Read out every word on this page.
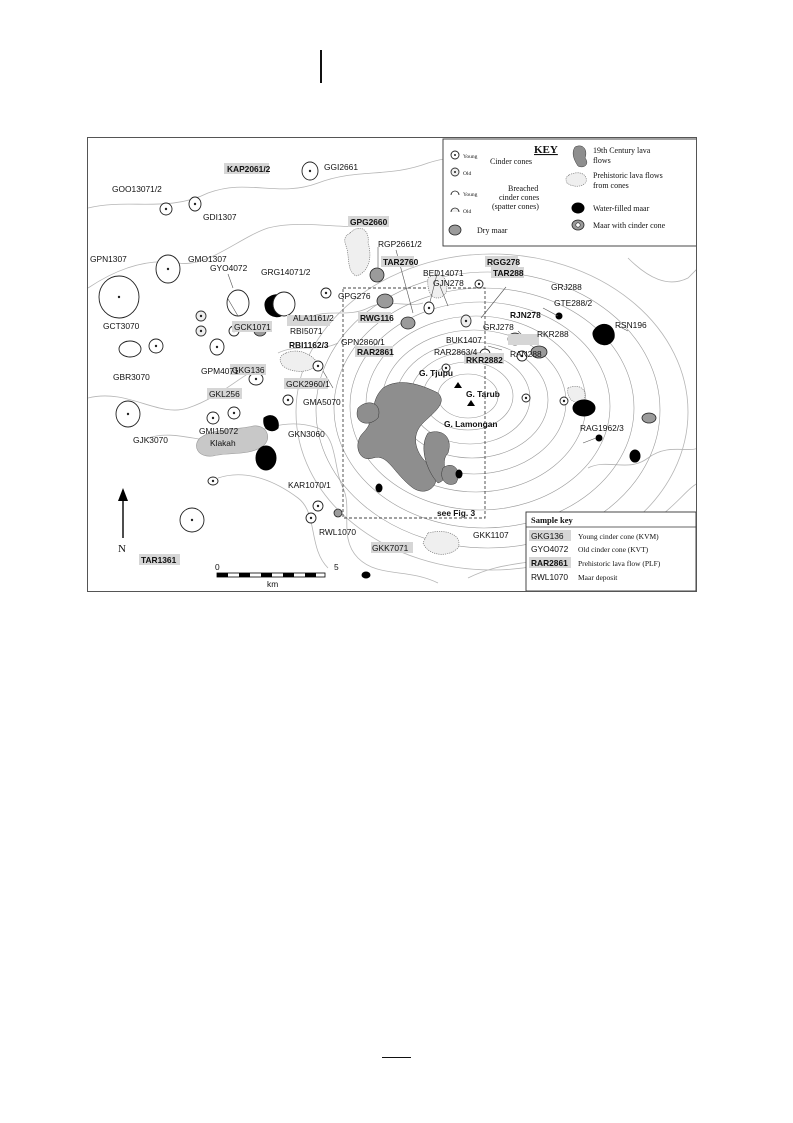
Klakah
KAP2061/2	GGI2661
GOO13071/2
GDI1307
GPN1307	GMO1307
GYO4072 GRG14071/2
GPG2660
RGP2661/2
TAR2760
BED14071
RGG278
GJN278
TAR288
GPG276
GCT3070
ALA1161/2	RWG116
RBI5071
RBI1162/3
GCK1071
GPN2860/1
RAR2861
GBR3070
GPM4071
GKG136
GCK2960/1
GKL256
GMA5070
GMI15072	GKN3060
GJK3070
GRJ288
GTE288/2
RJN278
GRJ278	RSN196
RKR288
BUK1407
RAR2863/4	RAN288
RKR2882
RAG1962/3
KAR1070/1
RWL1070
GKK7071
GKK1107
TAR1361
G. Tjupu
G. Tarub
G. Lamongan
see Fig. 3
N
0	5
km
KEY
Young Cinder cones
Old
Young
Breached
cinder cones
(spatter cones)
Old
Dry maar
19th Century lava
flows
Prehistoric lava flows
from cones
Water-filled maar
Maar with cinder cone
Sample key
GKG136 Young cinder cone (KVM)
GYO4072 Old cinder cone (KVT)
RAR2861 Prehistoric lava flow (PLF)
RWL1070 Maar deposit
